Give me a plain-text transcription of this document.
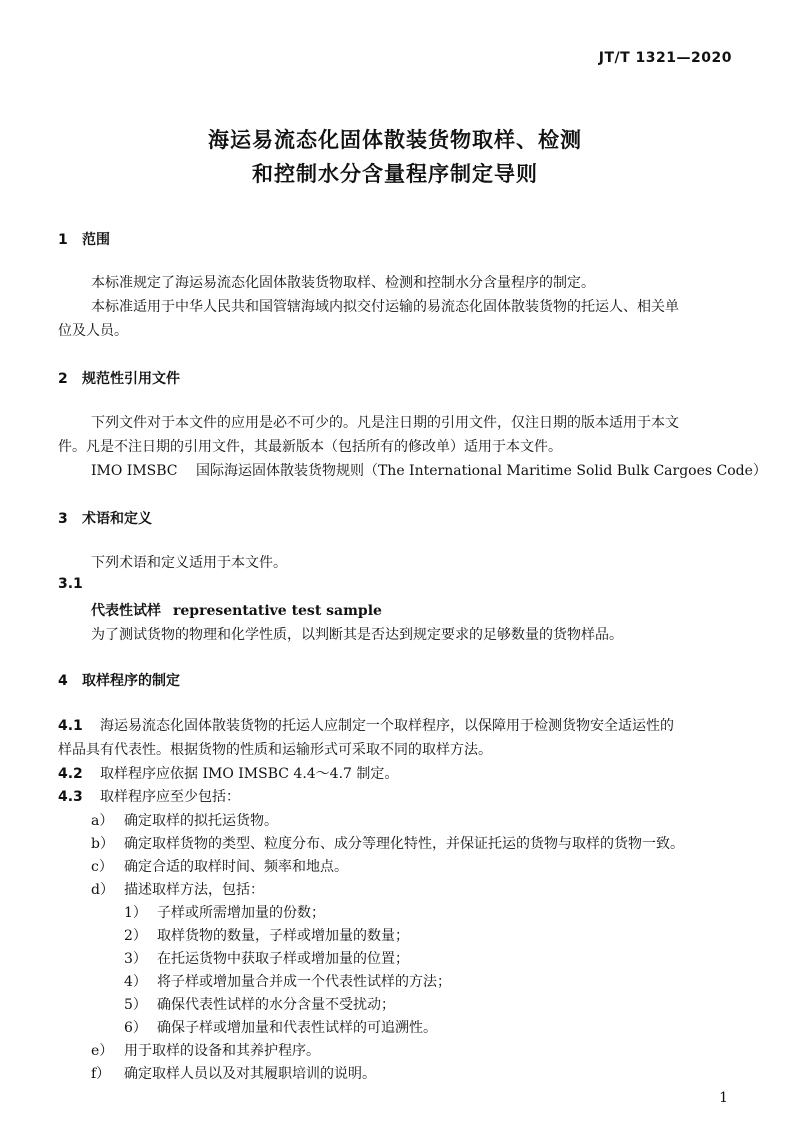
JT/T 1321—2020
海运易流态化固体散装货物取样、检测
和控制水分含量程序制定导则
1 范围
本标准规定了海运易流态化固体散装货物取样、检测和控制水分含量程序的制定。
本标准适用于中华人民共和国管辖海域内拟交付运输的易流态化固体散装货物的托运人、相关单
位及人员。
2 规范性引用文件
下列文件对于本文件的应用是必不可少的。凡是注日期的引用文件，仅注日期的版本适用于本文
件。凡是不注日期的引用文件，其最新版本（包括所有的修改单）适用于本文件。
IMO IMSBC 国际海运固体散装货物规则（The International Maritime Solid Bulk Cargoes Code）
3 术语和定义
下列术语和定义适用于本文件。
3.1
代表性试样 representative test sample
为了测试货物的物理和化学性质，以判断其是否达到规定要求的足够数量的货物样品。
4 取样程序的制定
4.1 海运易流态化固体散装货物的托运人应制定一个取样程序，以保障用于检测货物安全适运性的
样品具有代表性。根据货物的性质和运输形式可采取不同的取样方法。
4.2 取样程序应依据 IMO IMSBC 4.4～4.7 制定。
4.3 取样程序应至少包括：
a） 确定取样的拟托运货物。
b） 确定取样货物的类型、粒度分布、成分等理化特性，并保证托运的货物与取样的货物一致。
c） 确定合适的取样时间、频率和地点。
d） 描述取样方法，包括：
1） 子样或所需增加量的份数；
2） 取样货物的数量，子样或增加量的数量；
3） 在托运货物中获取子样或增加量的位置；
4） 将子样或增加量合并成一个代表性试样的方法；
5） 确保代表性试样的水分含量不受扰动；
6） 确保子样或增加量和代表性试样的可追溯性。
e） 用于取样的设备和其养护程序。
f） 确定取样人员以及对其履职培训的说明。
1
